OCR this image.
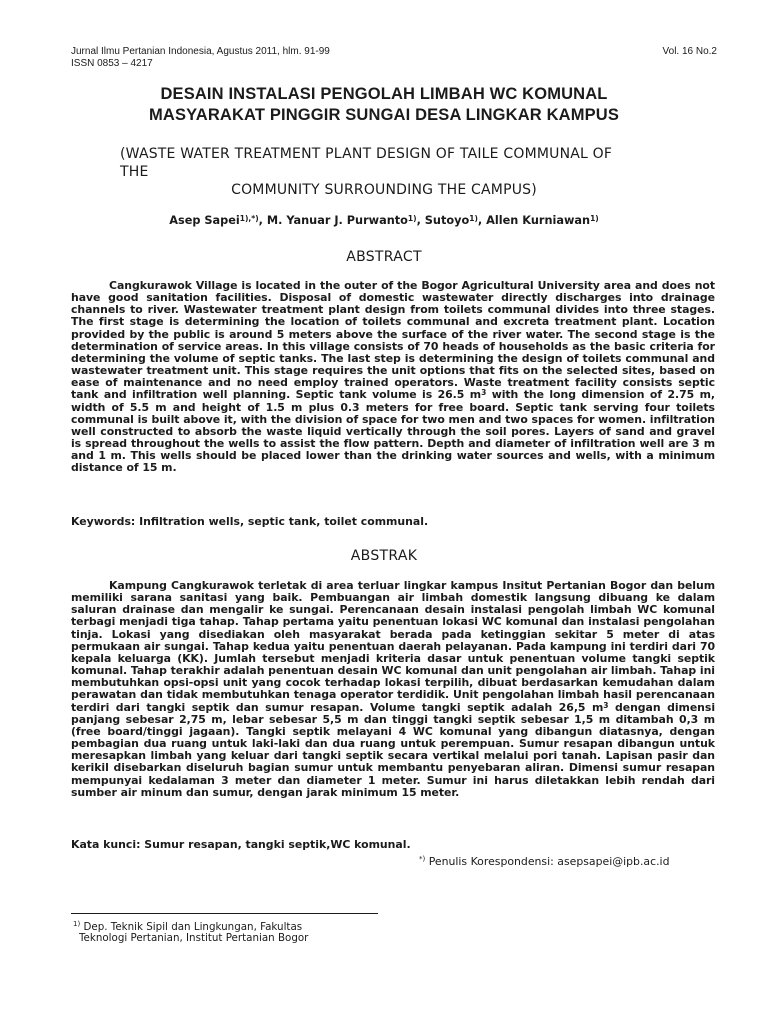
Jurnal Ilmu Pertanian Indonesia, Agustus 2011, hlm. 91-99
ISSN 0853 – 4217
Vol. 16 No.2
DESAIN INSTALASI PENGOLAH LIMBAH WC KOMUNAL
MASYARAKAT PINGGIR SUNGAI DESA LINGKAR KAMPUS
(WASTE WATER TREATMENT PLANT DESIGN OF TAILE COMMUNAL OF
THE
COMMUNITY SURROUNDING THE CAMPUS)
Asep Sapei$^{1),*)}$, M. Yanuar J. Purwanto$^{1)}$, Sutoyo$^{1)}$, Allen Kurniawan$^{1)}$
ABSTRACT
Cangkurawok Village is located in the outer of the Bogor Agricultural University area and does not have good sanitation facilities. Disposal of domestic wastewater directly discharges into drainage channels to river. Wastewater treatment plant design from toilets communal divides into three stages. The first stage is determining the location of toilets communal and excreta treatment plant. Location provided by the public is around 5 meters above the surface of the river water. The second stage is the determination of service areas. In this village consists of 70 heads of households as the basic criteria for determining the volume of septic tanks. The last step is determining the design of toilets communal and wastewater treatment unit. This stage requires the unit options that fits on the selected sites, based on ease of maintenance and no need employ trained operators. Waste treatment facility consists septic tank and infiltration well planning. Septic tank volume is 26.5 $m^3$ with the long dimension of 2.75 m, width of 5.5 m and height of 1.5 m plus 0.3 meters for free board. Septic tank serving four toilets communal is built above it, with the division of space for two men and two spaces for women. infiltration well constructed to absorb the waste liquid vertically through the soil pores. Layers of sand and gravel is spread throughout the wells to assist the flow pattern. Depth and diameter of infiltration well are 3 m and 1 m. This wells should be placed lower than the drinking water sources and wells, with a minimum distance of 15 m.
Keywords: Infiltration wells, septic tank, toilet communal.
ABSTRAK
Kampung Cangkurawok terletak di area terluar lingkar kampus Insitut Pertanian Bogor dan belum memiliki sarana sanitasi yang baik. Pembuangan air limbah domestik langsung dibuang ke dalam saluran drainase dan mengalir ke sungai. Perencanaan desain instalasi pengolah limbah WC komunal terbagi menjadi tiga tahap. Tahap pertama yaitu penentuan lokasi WC komunal dan instalasi pengolahan tinja. Lokasi yang disediakan oleh masyarakat berada pada ketinggian sekitar 5 meter di atas permukaan air sungai. Tahap kedua yaitu penentuan daerah pelayanan. Pada kampung ini terdiri dari 70 kepala keluarga (KK). Jumlah tersebut menjadi kriteria dasar untuk penentuan volume tangki septik komunal. Tahap terakhir adalah penentuan desain WC komunal dan unit pengolahan air limbah. Tahap ini membutuhkan opsi-opsi unit yang cocok terhadap lokasi terpilih, dibuat berdasarkan kemudahan dalam perawatan dan tidak membutuhkan tenaga operator terdidik. Unit pengolahan limbah hasil perencanaan terdiri dari tangki septik dan sumur resapan. Volume tangki septik adalah 26,5 $m^3$ dengan dimensi panjang sebesar 2,75 m, lebar sebesar 5,5 m dan tinggi tangki septik sebesar 1,5 m ditambah 0,3 m (free board/tinggi jagaan). Tangki septik melayani 4 WC komunal yang dibangun diatasnya, dengan pembagian dua ruang untuk laki-laki dan dua ruang untuk perempuan. Sumur resapan dibangun untuk meresapkan limbah yang keluar dari tangki septik secara vertikal melalui pori tanah. Lapisan pasir dan kerikil disebarkan diseluruh bagian sumur untuk membantu penyebaran aliran. Dimensi sumur resapan mempunyai kedalaman 3 meter dan diameter 1 meter. Sumur ini harus diletakkan lebih rendah dari sumber air minum dan sumur, dengan jarak minimum 15 meter.
Kata kunci: Sumur resapan, tangki septik,WC komunal.
*) Penulis Korespondensi: asepsapei@ipb.ac.id
$^{1)}$ Dep. Teknik Sipil dan Lingkungan, Fakultas
Teknologi Pertanian, Institut Pertanian Bogor
